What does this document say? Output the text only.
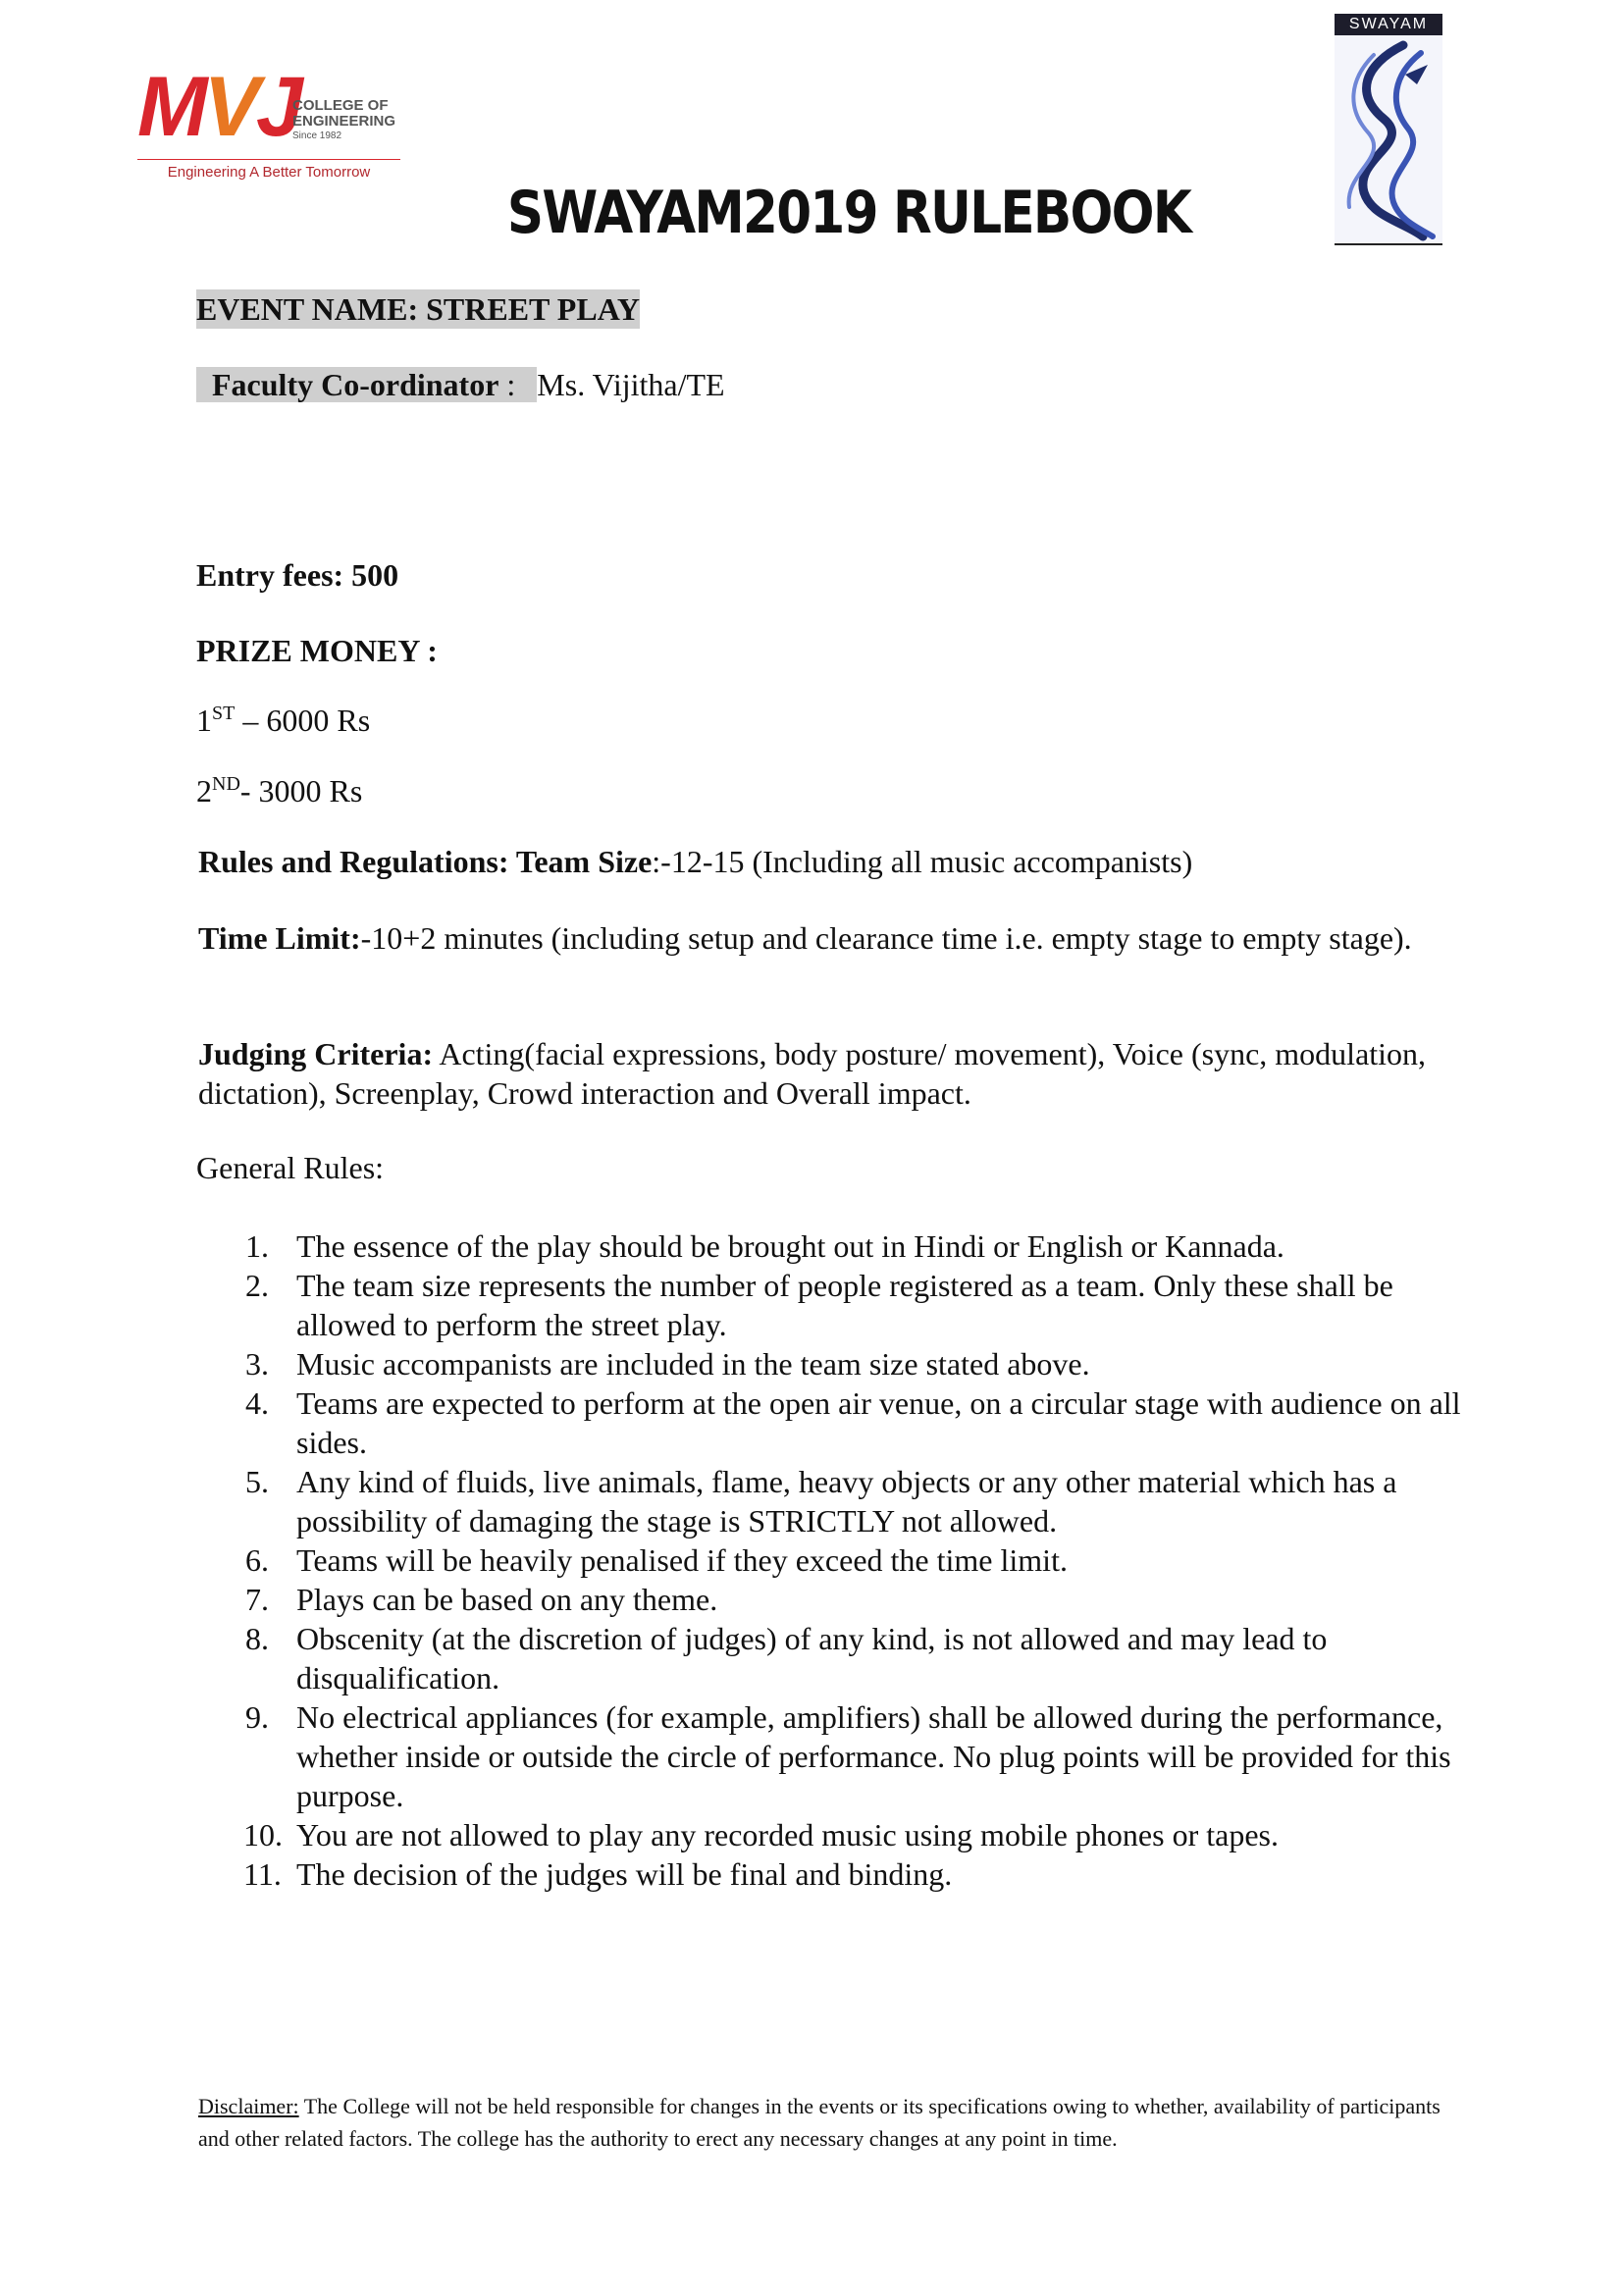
MVJ
COLLEGE OF
ENGINEERING
Since 1982
Engineering A Better Tomorrow
SWAYAM
SWAYAM2019 RULEBOOK
EVENT NAME: STREET PLAY
Faculty Co-ordinator : Ms. Vijitha/TE
Entry fees: 500
PRIZE MONEY :
1ST – 6000 Rs
2ND- 3000 Rs
Rules and Regulations: Team Size:-12-15 (Including all music accompanists)
Time Limit:-10+2 minutes (including setup and clearance time i.e. empty stage to empty stage).
Judging Criteria: Acting(facial expressions, body posture/ movement), Voice (sync, modulation, dictation), Screenplay, Crowd interaction and Overall impact.
General Rules:
1. The essence of the play should be brought out in Hindi or English or Kannada.
2. The team size represents the number of people registered as a team. Only these shall be allowed to perform the street play.
3. Music accompanists are included in the team size stated above.
4. Teams are expected to perform at the open air venue, on a circular stage with audience on all sides.
5. Any kind of fluids, live animals, flame, heavy objects or any other material which has a possibility of damaging the stage is STRICTLY not allowed.
6. Teams will be heavily penalised if they exceed the time limit.
7. Plays can be based on any theme.
8. Obscenity (at the discretion of judges) of any kind, is not allowed and may lead to disqualification.
9. No electrical appliances (for example, amplifiers) shall be allowed during the performance, whether inside or outside the circle of performance. No plug points will be provided for this purpose.
10. You are not allowed to play any recorded music using mobile phones or tapes.
11. The decision of the judges will be final and binding.
Disclaimer: The College will not be held responsible for changes in the events or its specifications owing to whether, availability of participants and other related factors. The college has the authority to erect any necessary changes at any point in time.
